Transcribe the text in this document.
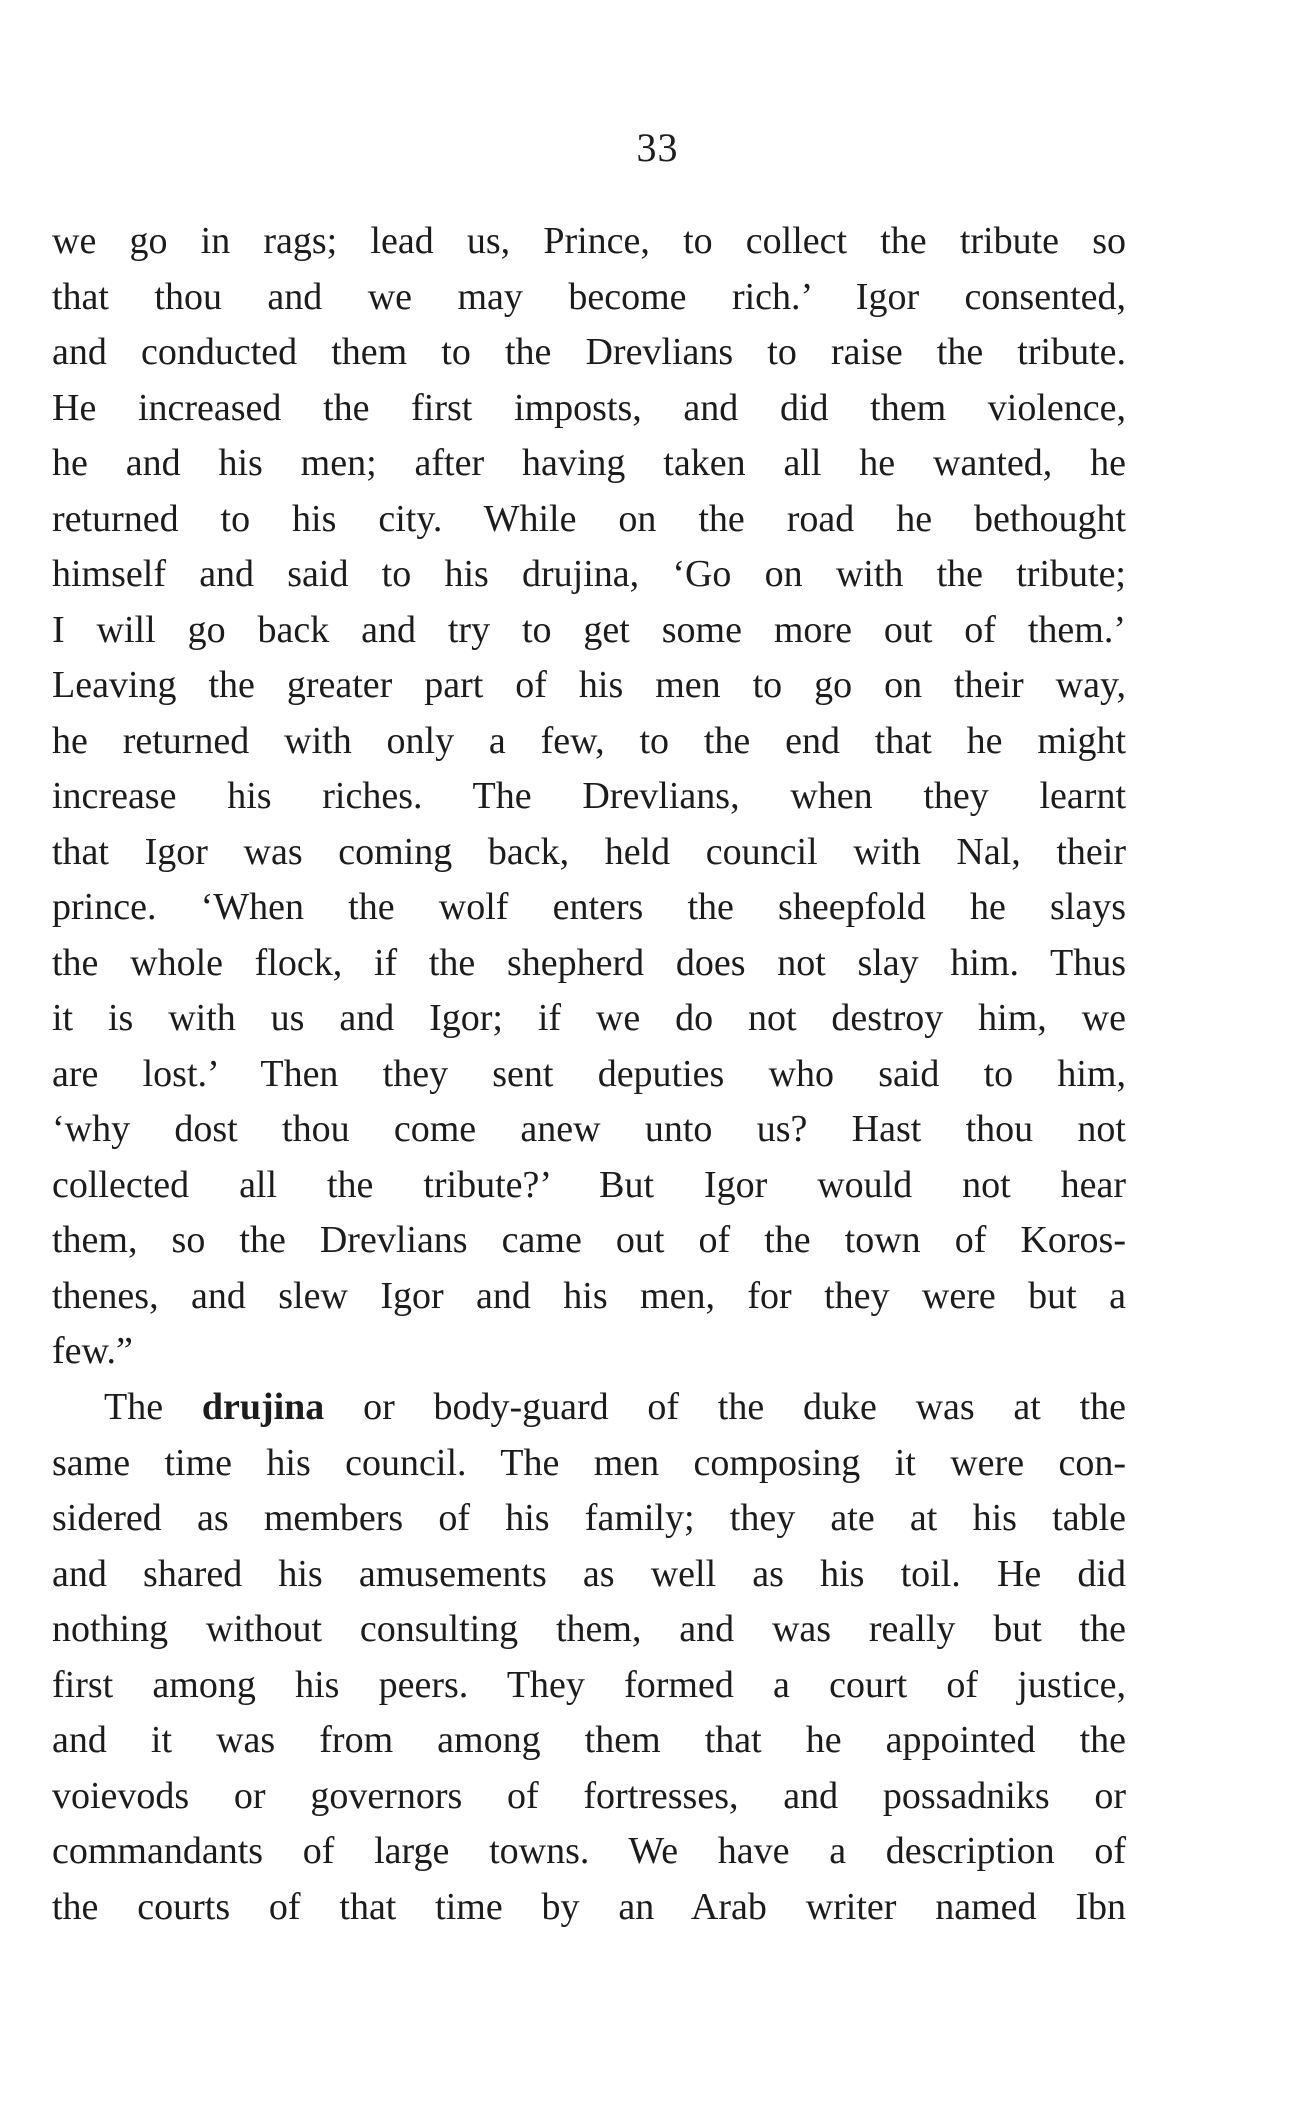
33
we go in rags; lead us, Prince, to collect the tribute so
that thou and we may become rich.’ Igor consented,
and conducted them to the Drevlians to raise the tribute.
He increased the first imposts, and did them violence,
he and his men; after having taken all he wanted, he
returned to his city. While on the road he bethought
himself and said to his drujina, ‘Go on with the tribute;
I will go back and try to get some more out of them.’
Leaving the greater part of his men to go on their way,
he returned with only a few, to the end that he might
increase his riches. The Drevlians, when they learnt
that Igor was coming back, held council with Nal, their
prince. ‘When the wolf enters the sheepfold he slays
the whole flock, if the shepherd does not slay him. Thus
it is with us and Igor; if we do not destroy him, we
are lost.’ Then they sent deputies who said to him,
‘why dost thou come anew unto us? Hast thou not
collected all the tribute?’ But Igor would not hear
them, so the Drevlians came out of the town of Koros-
thenes, and slew Igor and his men, for they were but a
few.”
The drujina or body-guard of the duke was at the
same time his council. The men composing it were con-
sidered as members of his family; they ate at his table
and shared his amusements as well as his toil. He did
nothing without consulting them, and was really but the
first among his peers. They formed a court of justice,
and it was from among them that he appointed the
voievods or governors of fortresses, and possadniks or
commandants of large towns. We have a description of
the courts of that time by an Arab writer named Ibn
